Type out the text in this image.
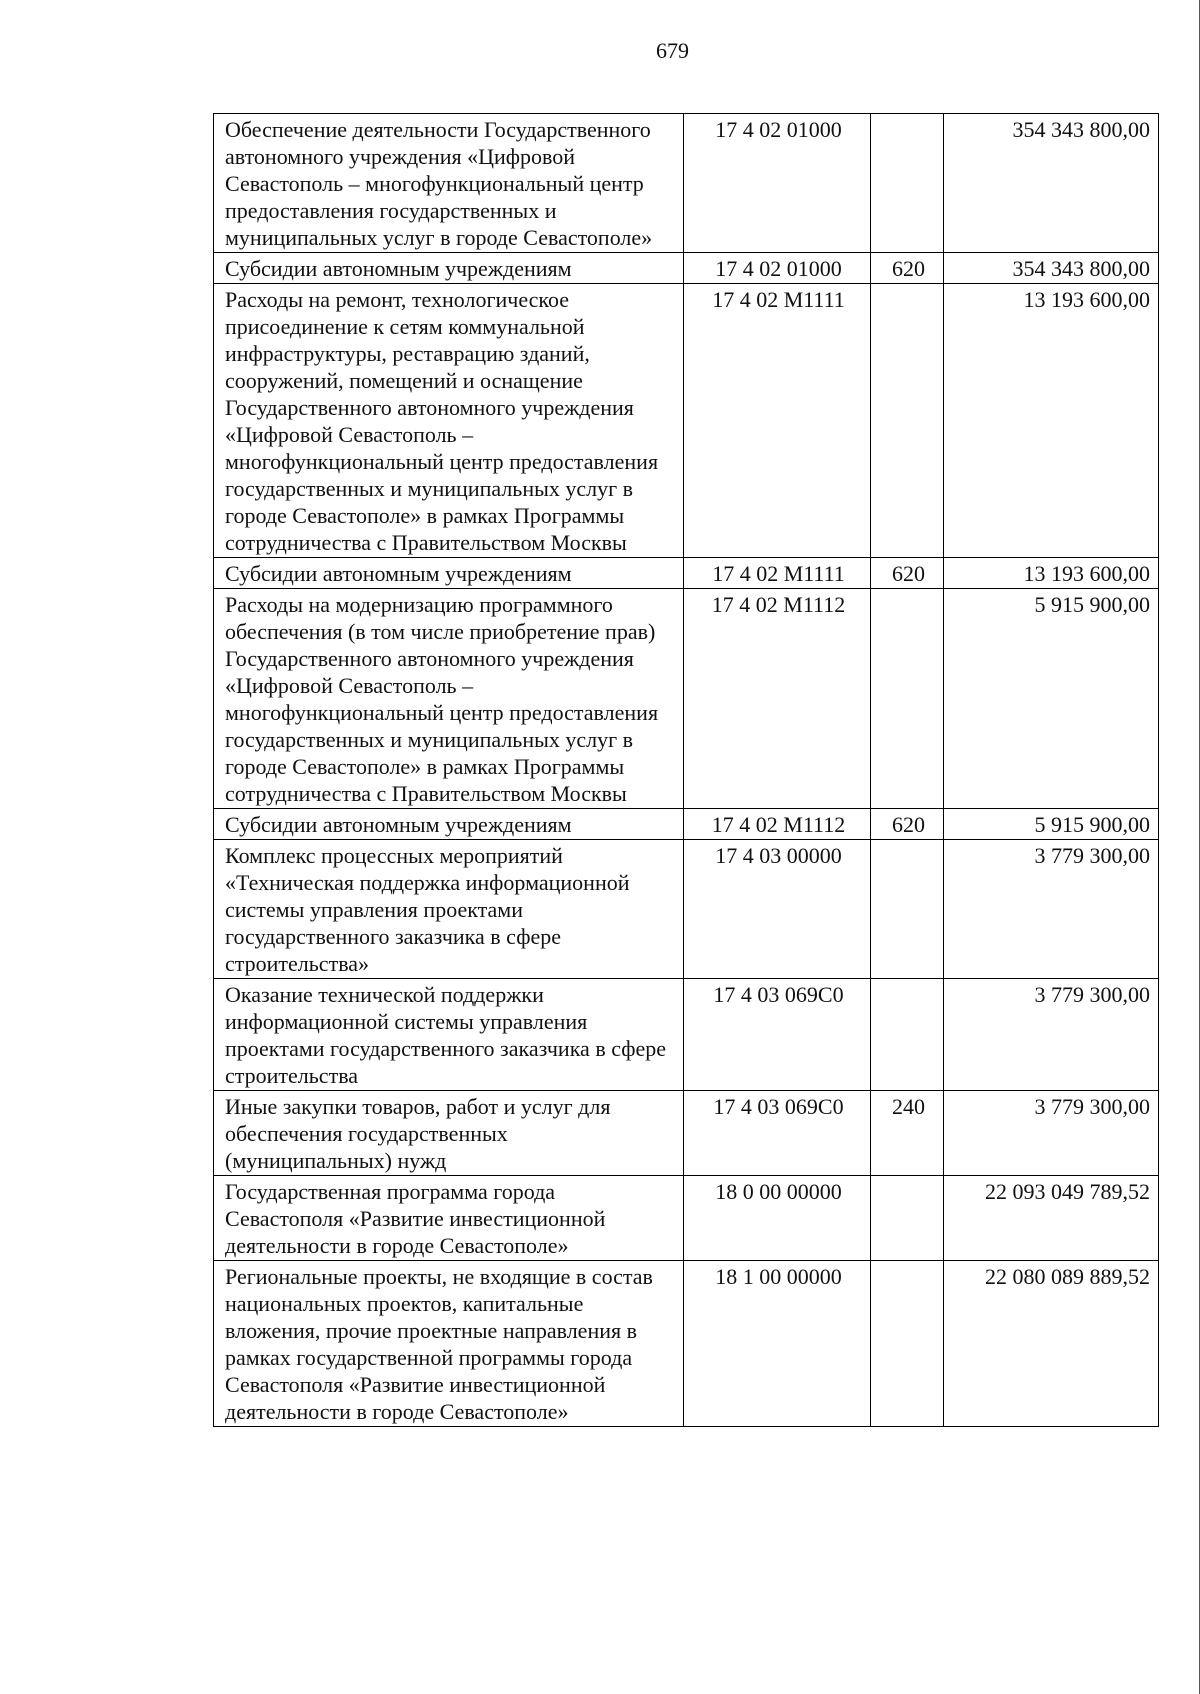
679
Обеспечение деятельности Государственного автономного учреждения «Цифровой Севастополь – многофункциональный центр предоставления государственных и муниципальных услуг в городе Севастополе»	17 4 02 01000		354 343 800,00
Субсидии автономным учреждениям	17 4 02 01000	620	354 343 800,00
Расходы на ремонт, технологическое присоединение к сетям коммунальной инфраструктуры, реставрацию зданий, сооружений, помещений и оснащение Государственного автономного учреждения «Цифровой Севастополь – многофункциональный центр предоставления государственных и муниципальных услуг в городе Севастополе» в рамках Программы сотрудничества с Правительством Москвы	17 4 02 М1111		13 193 600,00
Субсидии автономным учреждениям	17 4 02 М1111	620	13 193 600,00
Расходы на модернизацию программного обеспечения (в том числе приобретение прав) Государственного автономного учреждения «Цифровой Севастополь – многофункциональный центр предоставления государственных и муниципальных услуг в городе Севастополе» в рамках Программы сотрудничества с Правительством Москвы	17 4 02 М1112		5 915 900,00
Субсидии автономным учреждениям	17 4 02 М1112	620	5 915 900,00
Комплекс процессных мероприятий «Техническая поддержка информационной системы управления проектами государственного заказчика в сфере строительства»	17 4 03 00000		3 779 300,00
Оказание технической поддержки информационной системы управления проектами государственного заказчика в сфере строительства	17 4 03 069С0		3 779 300,00
Иные закупки товаров, работ и услуг для обеспечения государственных (муниципальных) нужд	17 4 03 069С0	240	3 779 300,00
Государственная программа города Севастополя «Развитие инвестиционной деятельности в городе Севастополе»	18 0 00 00000		22 093 049 789,52
Региональные проекты, не входящие в состав национальных проектов, капитальные вложения, прочие проектные направления в рамках государственной программы города Севастополя «Развитие инвестиционной деятельности в городе Севастополе»	18 1 00 00000		22 080 089 889,52
